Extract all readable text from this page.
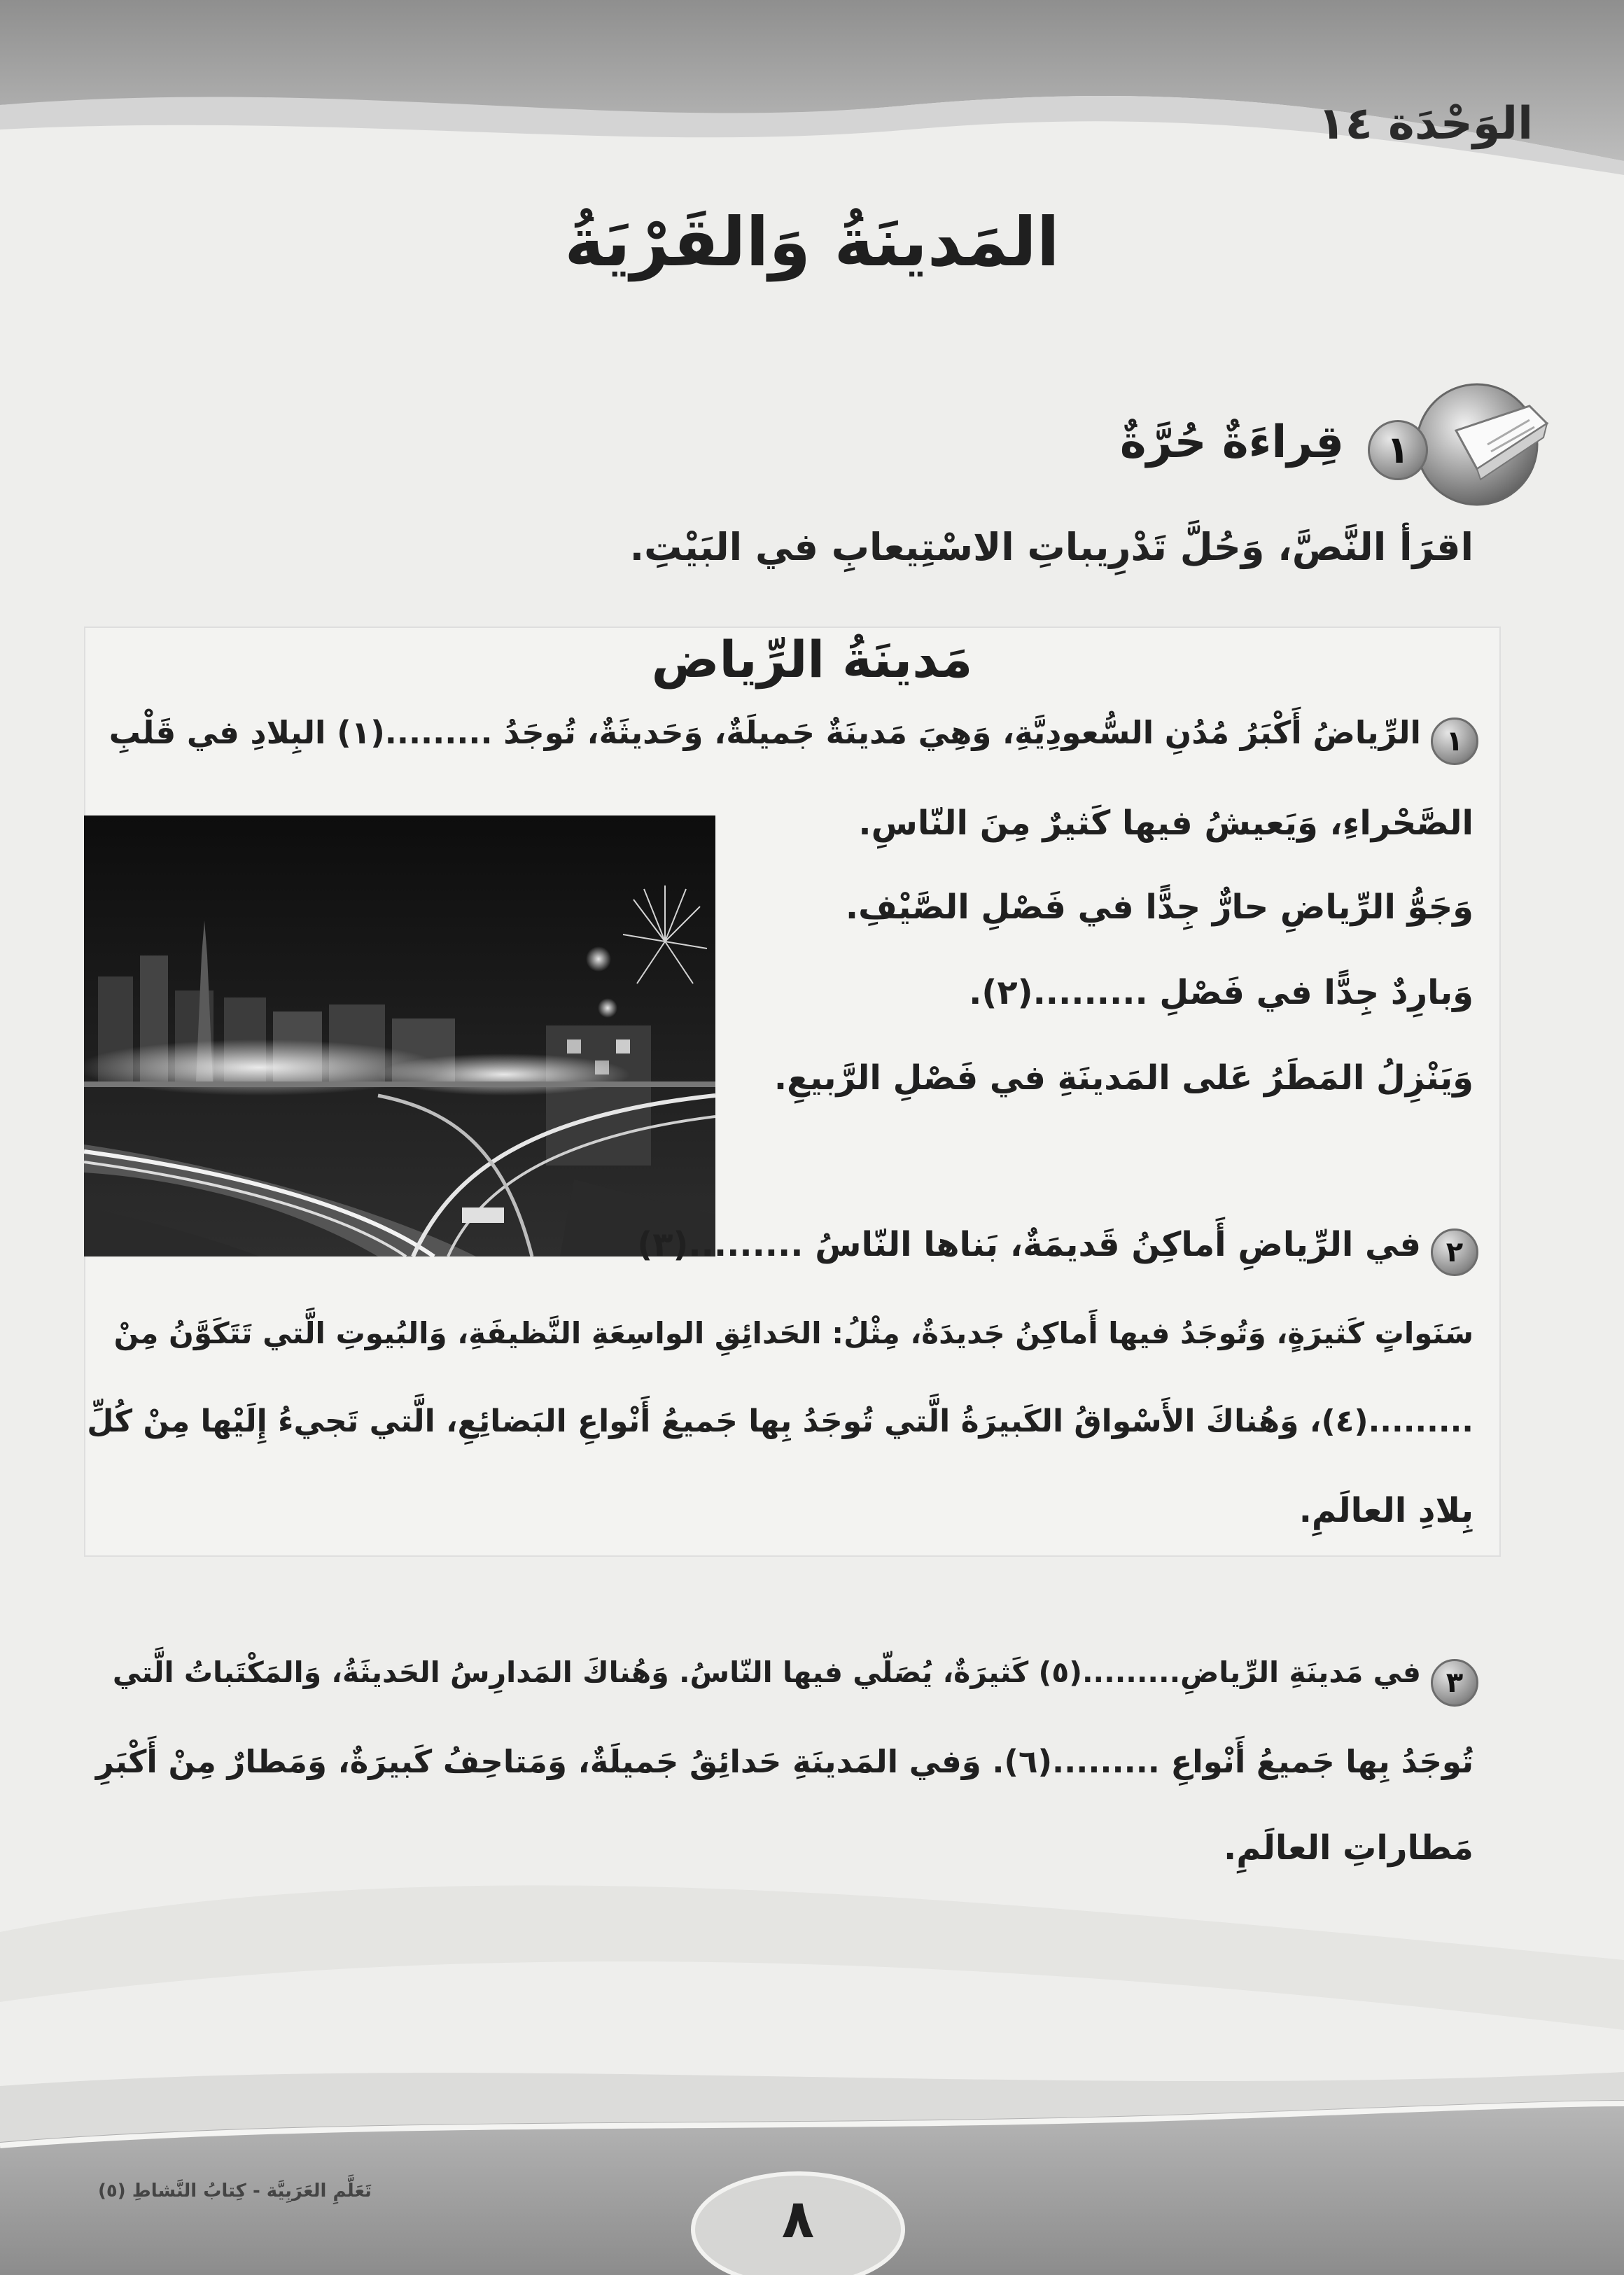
الوَحْدَة ١٤
المَدينَةُ وَالقَرْيَةُ
١
قِراءَةٌ حُرَّةٌ
اقرَأ النَّصَّ، وَحُلَّ تَدْرِيباتِ الاسْتِيعابِ في البَيْتِ.
مَدينَةُ الرِّياض
١
الرِّياضُ أَكْبَرُ مُدُنِ السُّعودِيَّةِ، وَهِيَ مَدينَةٌ جَميلَةٌ، وَحَديثَةٌ، تُوجَدُ .........(١) البِلادِ في قَلْبِ
الصَّحْراءِ، وَيَعيشُ فيها كَثيرٌ مِنَ النّاسِ.
وَجَوُّ الرِّياضِ حارٌّ جِدًّا في فَصْلِ الصَّيْفِ.
وَبارِدٌ جِدًّا في فَصْلِ .........(٢).
وَيَنْزِلُ المَطَرُ عَلى المَدينَةِ في فَصْلِ الرَّبيعِ.
٢
في الرِّياضِ أَماكِنُ قَديمَةٌ، بَناها النّاسُ .........(٣)
سَنَواتٍ كَثيرَةٍ، وَتُوجَدُ فيها أَماكِنُ جَديدَةٌ، مِثْلُ: الحَدائِقِ الواسِعَةِ النَّظيفَةِ، وَالبُيوتِ الَّتي تَتَكَوَّنُ مِنْ
.........(٤)، وَهُناكَ الأَسْواقُ الكَبيرَةُ الَّتي تُوجَدُ بِها جَميعُ أَنْواعِ البَضائِعِ، الَّتي تَجيءُ إِلَيْها مِنْ كُلِّ
بِلادِ العالَمِ.
٣
في مَدينَةِ الرِّياضِ.........(٥) كَثيرَةٌ، يُصَلّي فيها النّاسُ. وَهُناكَ المَدارِسُ الحَديثَةُ، وَالمَكْتَباتُ الَّتي
تُوجَدُ بِها جَميعُ أَنْواعِ .........(٦). وَفي المَدينَةِ حَدائِقُ جَميلَةٌ، وَمَتاحِفُ كَبيرَةٌ، وَمَطارٌ مِنْ أَكْبَرِ
مَطاراتِ العالَمِ.
تَعَلَّمِ العَرَبِيَّة - كِتابُ النَّشاطِ (٥)	٨
